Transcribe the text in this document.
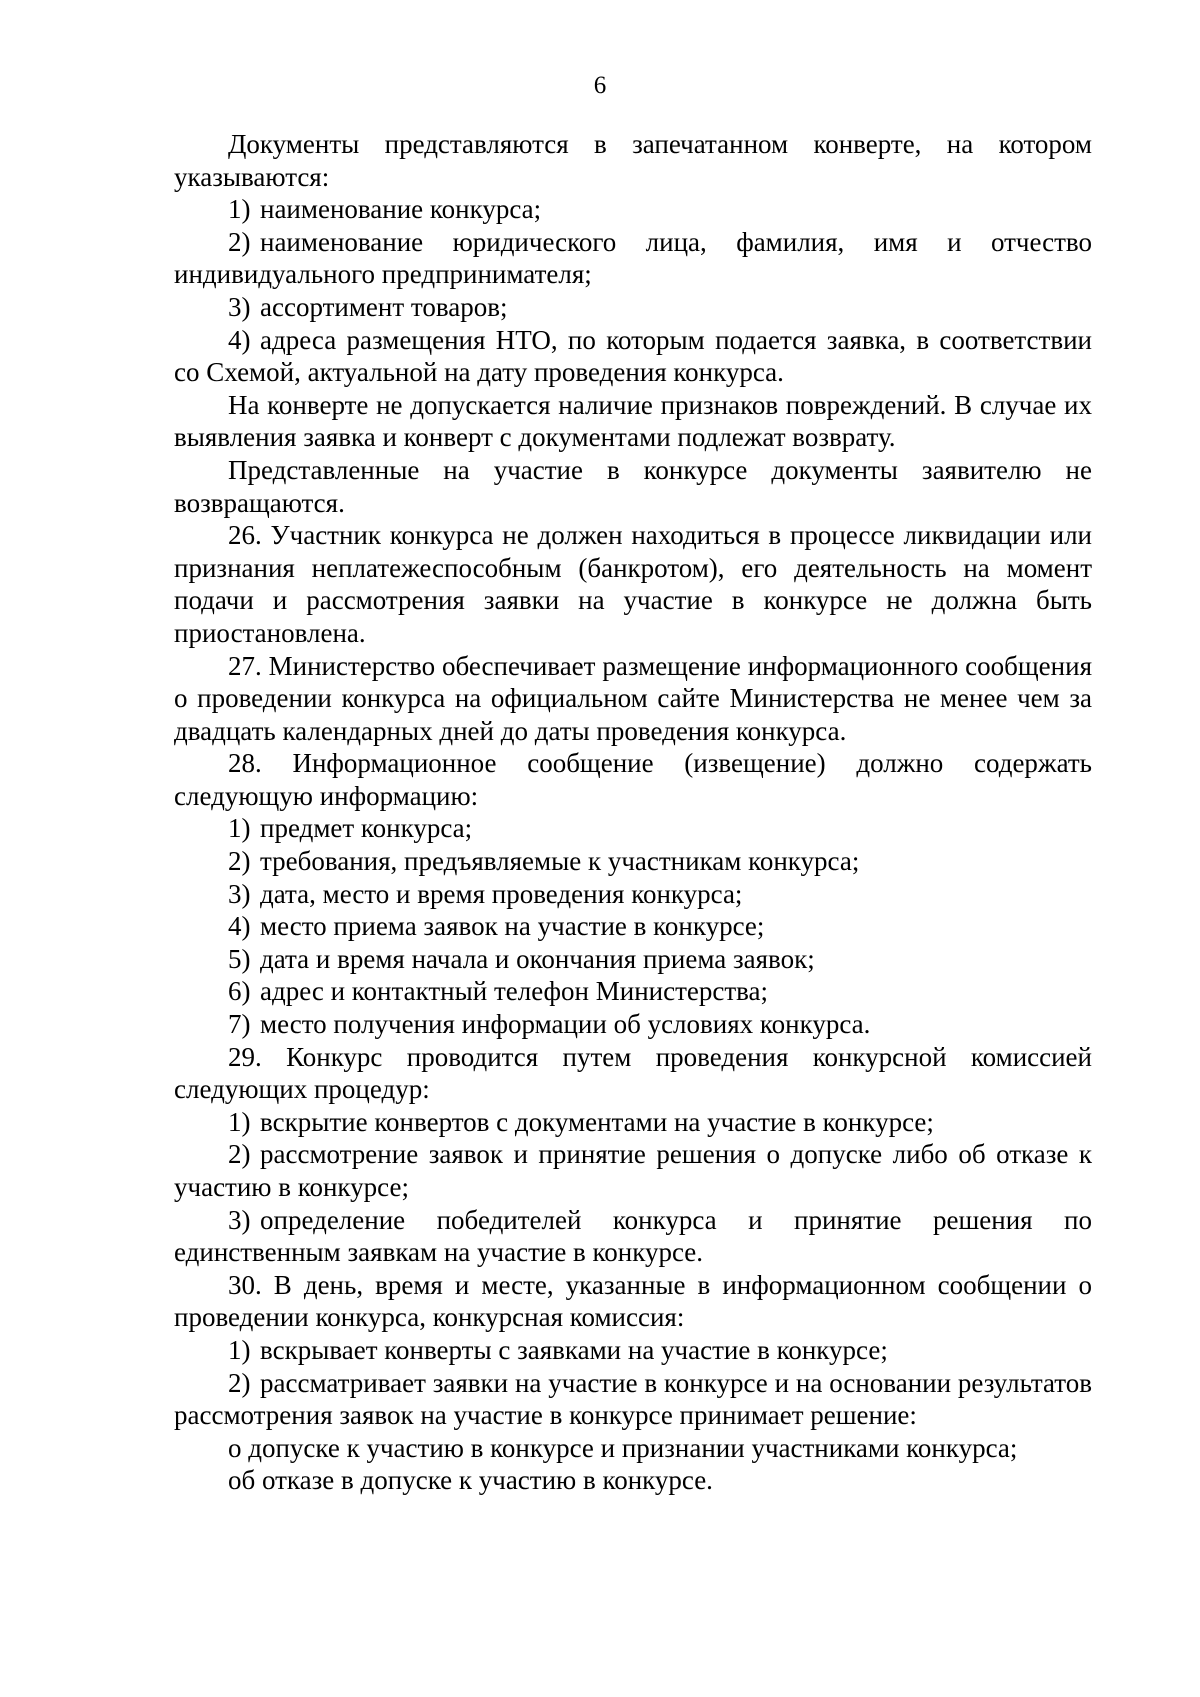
6

Документы представляются в запечатанном конверте, на котором указываются:

1) наименование конкурса;

2) наименование юридического лица, фамилия, имя и отчество индивидуального предпринимателя;

3) ассортимент товаров;

4) адреса размещения НТО, по которым подается заявка, в соответствии со Схемой, актуальной на дату проведения конкурса.

На конверте не допускается наличие признаков повреждений. В случае их выявления заявка и конверт с документами подлежат возврату.

Представленные на участие в конкурсе документы заявителю не возвращаются.

26. Участник конкурса не должен находиться в процессе ликвидации или признания неплатежеспособным (банкротом), его деятельность на момент подачи и рассмотрения заявки на участие в конкурсе не должна быть приостановлена.

27. Министерство обеспечивает размещение информационного сообщения о проведении конкурса на официальном сайте Министерства не менее чем за двадцать календарных дней до даты проведения конкурса.

28. Информационное сообщение (извещение) должно содержать следующую информацию:

1) предмет конкурса;

2) требования, предъявляемые к участникам конкурса;

3) дата, место и время проведения конкурса;

4) место приема заявок на участие в конкурсе;

5) дата и время начала и окончания приема заявок;

6) адрес и контактный телефон Министерства;

7) место получения информации об условиях конкурса.

29. Конкурс проводится путем проведения конкурсной комиссией следующих процедур:

1) вскрытие конвертов с документами на участие в конкурсе;

2) рассмотрение заявок и принятие решения о допуске либо об отказе к участию в конкурсе;

3) определение победителей конкурса и принятие решения по единственным заявкам на участие в конкурсе.

30. В день, время и месте, указанные в информационном сообщении о проведении конкурса, конкурсная комиссия:

1) вскрывает конверты с заявками на участие в конкурсе;

2) рассматривает заявки на участие в конкурсе и на основании результатов рассмотрения заявок на участие в конкурсе принимает решение:

о допуске к участию в конкурсе и признании участниками конкурса;

об отказе в допуске к участию в конкурсе.
